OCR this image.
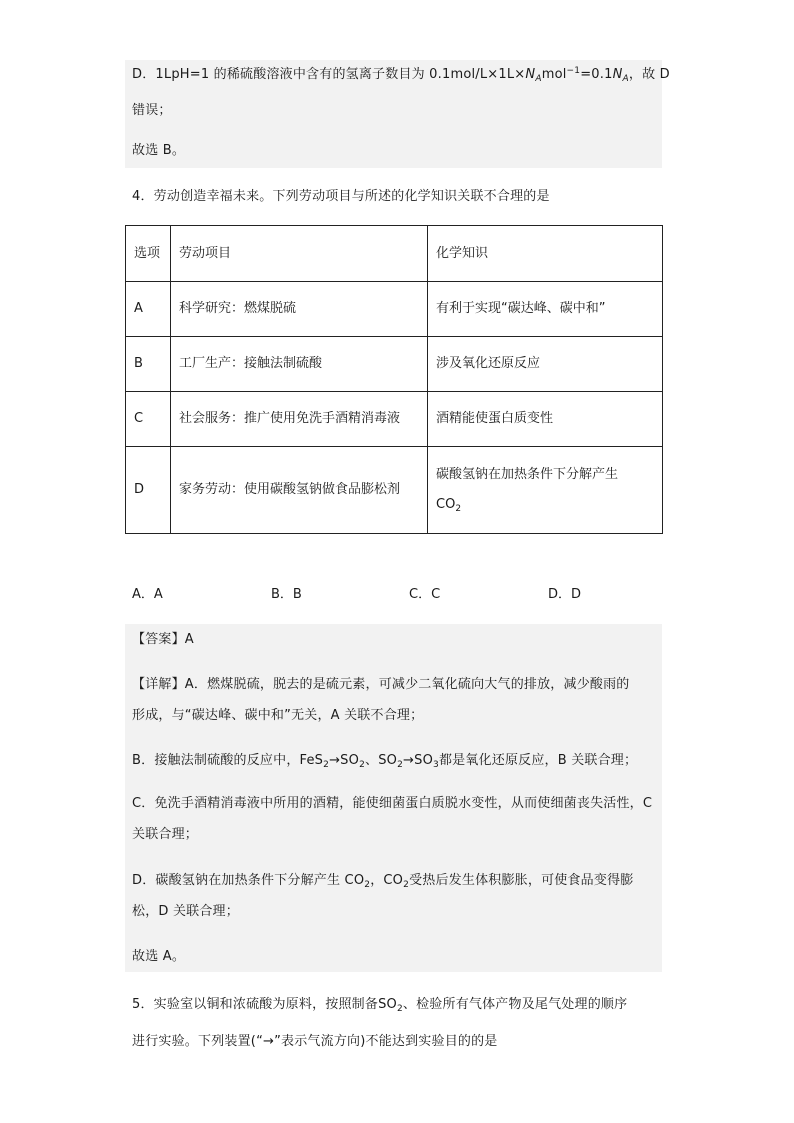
D．1LpH=1 的稀硫酸溶液中含有的氢离子数目为 $0.1mol/L\times 1L\times N_Amol^{-1}=0.1N_A$，故 D
错误；
故选 B。
4．劳动创造幸福未来。下列劳动项目与所述的化学知识关联不合理的是
选项	劳动项目	化学知识
A	科学研究：燃煤脱硫	有利于实现“碳达峰、碳中和”
B	工厂生产：接触法制硫酸	涉及氧化还原反应
C	社会服务：推广使用免洗手酒精消毒液	酒精能使蛋白质变性
D	家务劳动：使用碳酸氢钠做食品膨松剂	碳酸氢钠在加热条件下分解产生
$CO_2$
A．A	B．B	C．C	D．D
【答案】A
【详解】A．燃煤脱硫，脱去的是硫元素，可减少二氧化硫向大气的排放，减少酸雨的
形成，与“碳达峰、碳中和”无关，A 关联不合理；
B．接触法制硫酸的反应中，$FeS_2\to SO_2$、$SO_2\to SO_3$都是氧化还原反应，B 关联合理；
C．免洗手酒精消毒液中所用的酒精，能使细菌蛋白质脱水变性，从而使细菌丧失活性，C
关联合理；
D．碳酸氢钠在加热条件下分解产生 $CO_2$，$CO_2$受热后发生体积膨胀，可使食品变得膨
松，D 关联合理；
故选 A。
5．实验室以铜和浓硫酸为原料，按照制备$SO_2$、检验所有气体产物及尾气处理的顺序
进行实验。下列装置(“→”表示气流方向)不能达到实验目的的是
